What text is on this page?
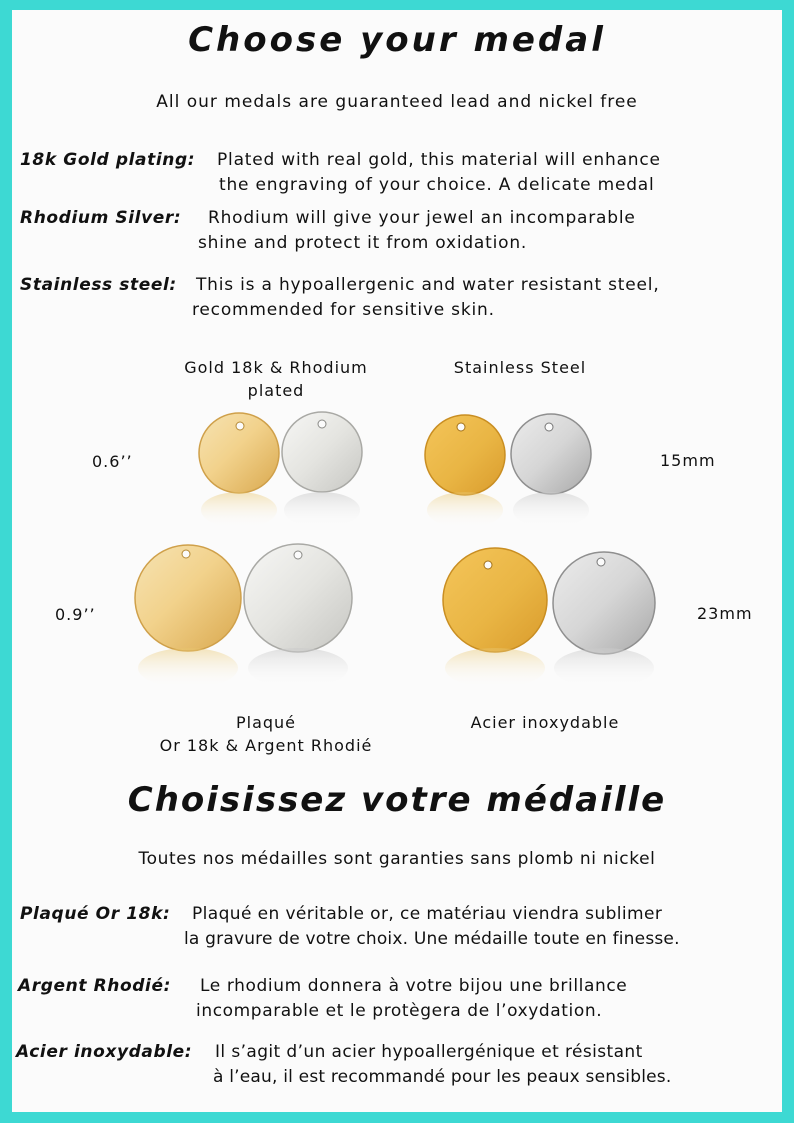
Choose your medal
All our medals are guaranteed lead and nickel free
18k Gold plating: Plated with real gold, this material will enhance
the engraving of your choice. A delicate medal
Rhodium Silver: Rhodium will give your jewel an incomparable
shine and protect it from oxidation.
Stainless steel: This is a hypoallergenic and water resistant steel,
recommended for sensitive skin.
Gold 18k & Rhodium
plated
Stainless Steel
0.6’’	15mm
0.9’’	23mm
Plaqué
Or 18k & Argent Rhodié
Acier inoxydable
Choisissez votre médaille
Toutes nos médailles sont garanties sans plomb ni nickel
Plaqué Or 18k: Plaqué en véritable or, ce matériau viendra sublimer
la gravure de votre choix. Une médaille toute en finesse.
Argent Rhodié: Le rhodium donnera à votre bijou une brillance
incomparable et le protègera de l’oxydation.
Acier inoxydable: Il s’agit d’un acier hypoallergénique et résistant
à l’eau, il est recommandé pour les peaux sensibles.
